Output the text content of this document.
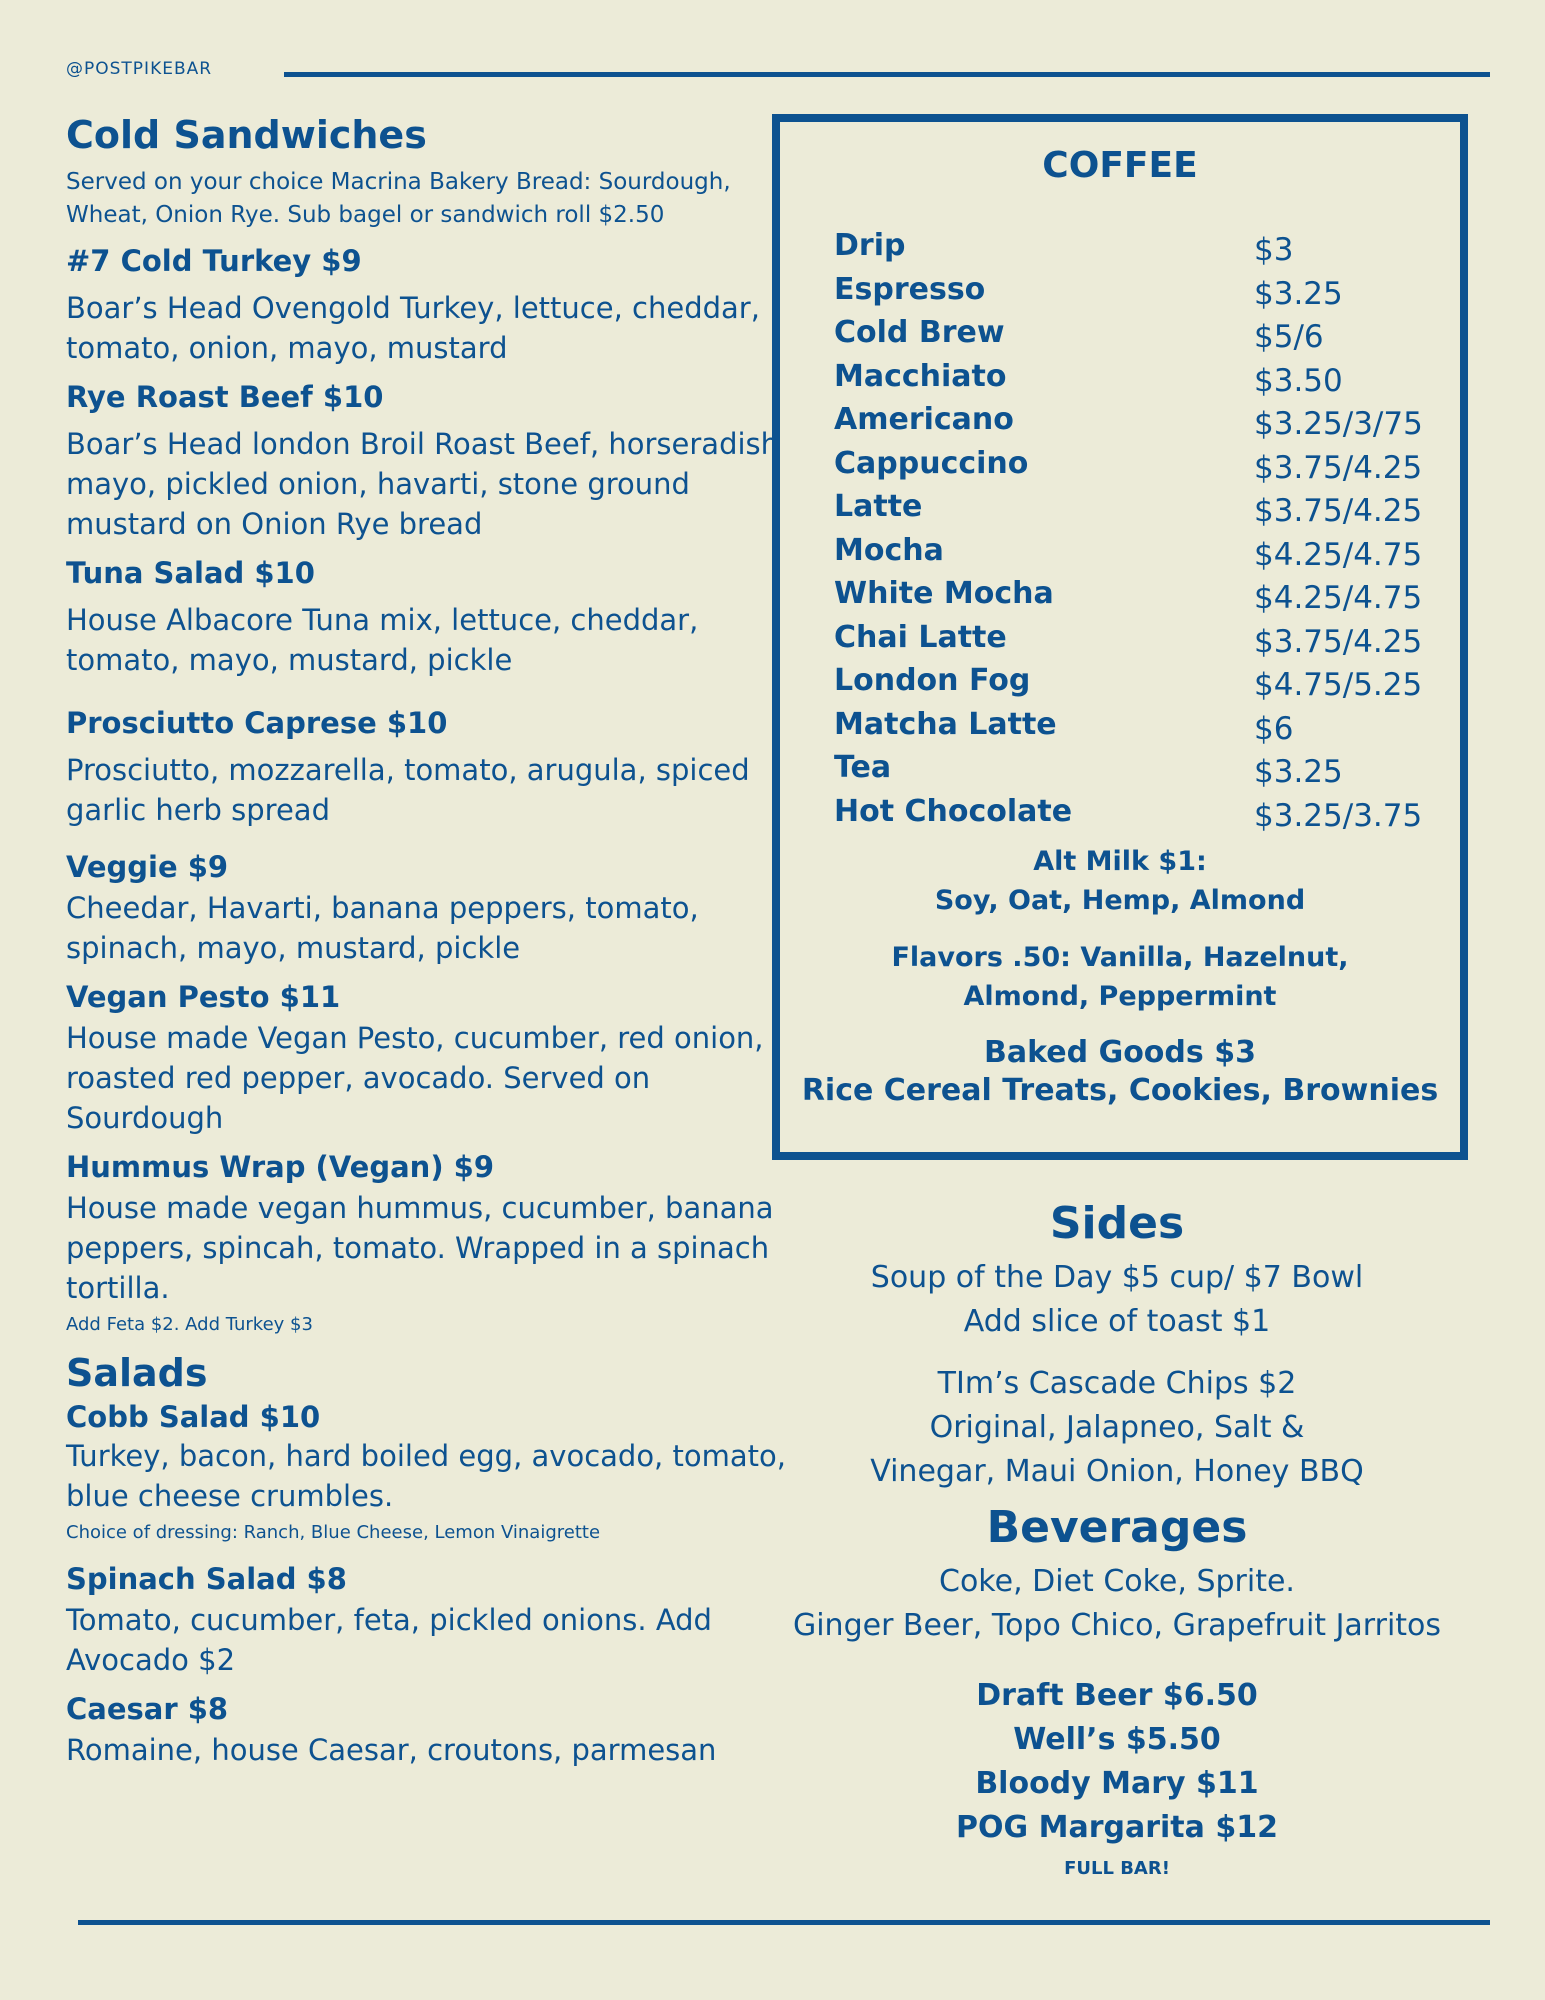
@POSTPIKEBAR
Cold Sandwiches
Served on your choice Macrina Bakery Bread: Sourdough, Wheat, Onion Rye. Sub bagel or sandwich roll $2.50
#7 Cold Turkey $9
Boar’s Head Ovengold Turkey, lettuce, cheddar, tomato, onion, mayo, mustard
Rye Roast Beef $10
Boar’s Head london Broil Roast Beef, horseradish mayo, pickled onion, havarti, stone ground mustard on Onion Rye bread
Tuna Salad $10
House Albacore Tuna mix, lettuce, cheddar, tomato, mayo, mustard, pickle
Prosciutto Caprese $10
Prosciutto, mozzarella, tomato, arugula, spiced garlic herb spread
Veggie $9
Cheedar, Havarti, banana peppers, tomato, spinach, mayo, mustard, pickle
Vegan Pesto $11
House made Vegan Pesto, cucumber, red onion, roasted red pepper, avocado. Served on Sourdough
Hummus Wrap (Vegan) $9
House made vegan hummus, cucumber, banana peppers, spincah, tomato. Wrapped in a spinach tortilla.
Add Feta $2. Add Turkey $3
Salads
Cobb Salad $10
Turkey, bacon, hard boiled egg, avocado, tomato, blue cheese crumbles.
Choice of dressing: Ranch, Blue Cheese, Lemon Vinaigrette
Spinach Salad $8
Tomato, cucumber, feta, pickled onions. Add Avocado $2
Caesar $8
Romaine, house Caesar, croutons, parmesan
COFFEE
Drip	$3
Espresso	$3.25
Cold Brew	$5/6
Macchiato	$3.50
Americano	$3.25/3/75
Cappuccino	$3.75/4.25
Latte	$3.75/4.25
Mocha	$4.25/4.75
White Mocha	$4.25/4.75
Chai Latte	$3.75/4.25
London Fog	$4.75/5.25
Matcha Latte	$6
Tea	$3.25
Hot Chocolate	$3.25/3.75
Alt Milk $1:
Soy, Oat, Hemp, Almond
Flavors .50: Vanilla, Hazelnut,
Almond, Peppermint
Baked Goods $3
Rice Cereal Treats, Cookies, Brownies
Sides
Soup of the Day $5 cup/ $7 Bowl
Add slice of toast $1
TIm’s Cascade Chips $2
Original, Jalapneo, Salt &
Vinegar, Maui Onion, Honey BBQ
Beverages
Coke, Diet Coke, Sprite.
Ginger Beer, Topo Chico, Grapefruit Jarritos
Draft Beer $6.50
Well’s $5.50
Bloody Mary $11
POG Margarita $12
FULL BAR!
